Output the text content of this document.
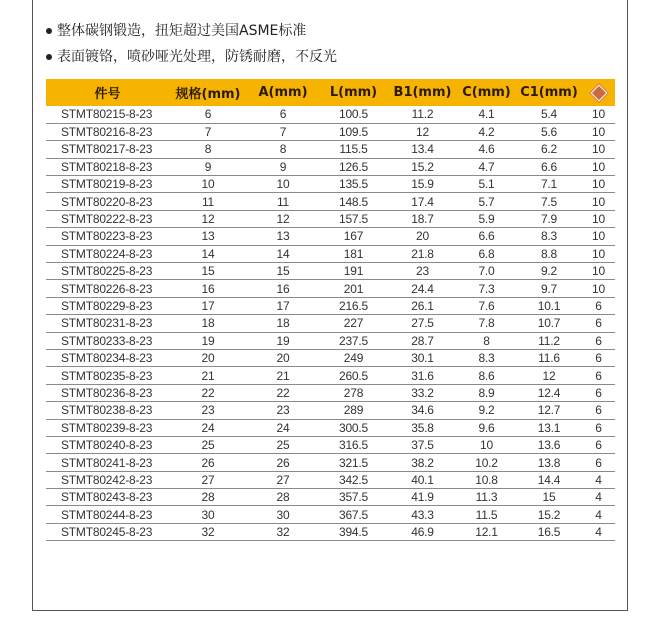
整体碳钢锻造，扭矩超过美国ASME标准
表面镀铬，喷砂哑光处理，防锈耐磨，不反光
件号	规格(mm)	A(mm)	L(mm)	B1(mm)	C(mm)	C1(mm)	
STMT80215-8-23	6	6	100.5	11.2	4.1	5.4	10
STMT80216-8-23	7	7	109.5	12	4.2	5.6	10
STMT80217-8-23	8	8	115.5	13.4	4.6	6.2	10
STMT80218-8-23	9	9	126.5	15.2	4.7	6.6	10
STMT80219-8-23	10	10	135.5	15.9	5.1	7.1	10
STMT80220-8-23	11	11	148.5	17.4	5.7	7.5	10
STMT80222-8-23	12	12	157.5	18.7	5.9	7.9	10
STMT80223-8-23	13	13	167	20	6.6	8.3	10
STMT80224-8-23	14	14	181	21.8	6.8	8.8	10
STMT80225-8-23	15	15	191	23	7.0	9.2	10
STMT80226-8-23	16	16	201	24.4	7.3	9.7	10
STMT80229-8-23	17	17	216.5	26.1	7.6	10.1	6
STMT80231-8-23	18	18	227	27.5	7.8	10.7	6
STMT80233-8-23	19	19	237.5	28.7	8	11.2	6
STMT80234-8-23	20	20	249	30.1	8.3	11.6	6
STMT80235-8-23	21	21	260.5	31.6	8.6	12	6
STMT80236-8-23	22	22	278	33.2	8.9	12.4	6
STMT80238-8-23	23	23	289	34.6	9.2	12.7	6
STMT80239-8-23	24	24	300.5	35.8	9.6	13.1	6
STMT80240-8-23	25	25	316.5	37.5	10	13.6	6
STMT80241-8-23	26	26	321.5	38.2	10.2	13.8	6
STMT80242-8-23	27	27	342.5	40.1	10.8	14.4	4
STMT80243-8-23	28	28	357.5	41.9	11.3	15	4
STMT80244-8-23	30	30	367.5	43.3	11.5	15.2	4
STMT80245-8-23	32	32	394.5	46.9	12.1	16.5	4
